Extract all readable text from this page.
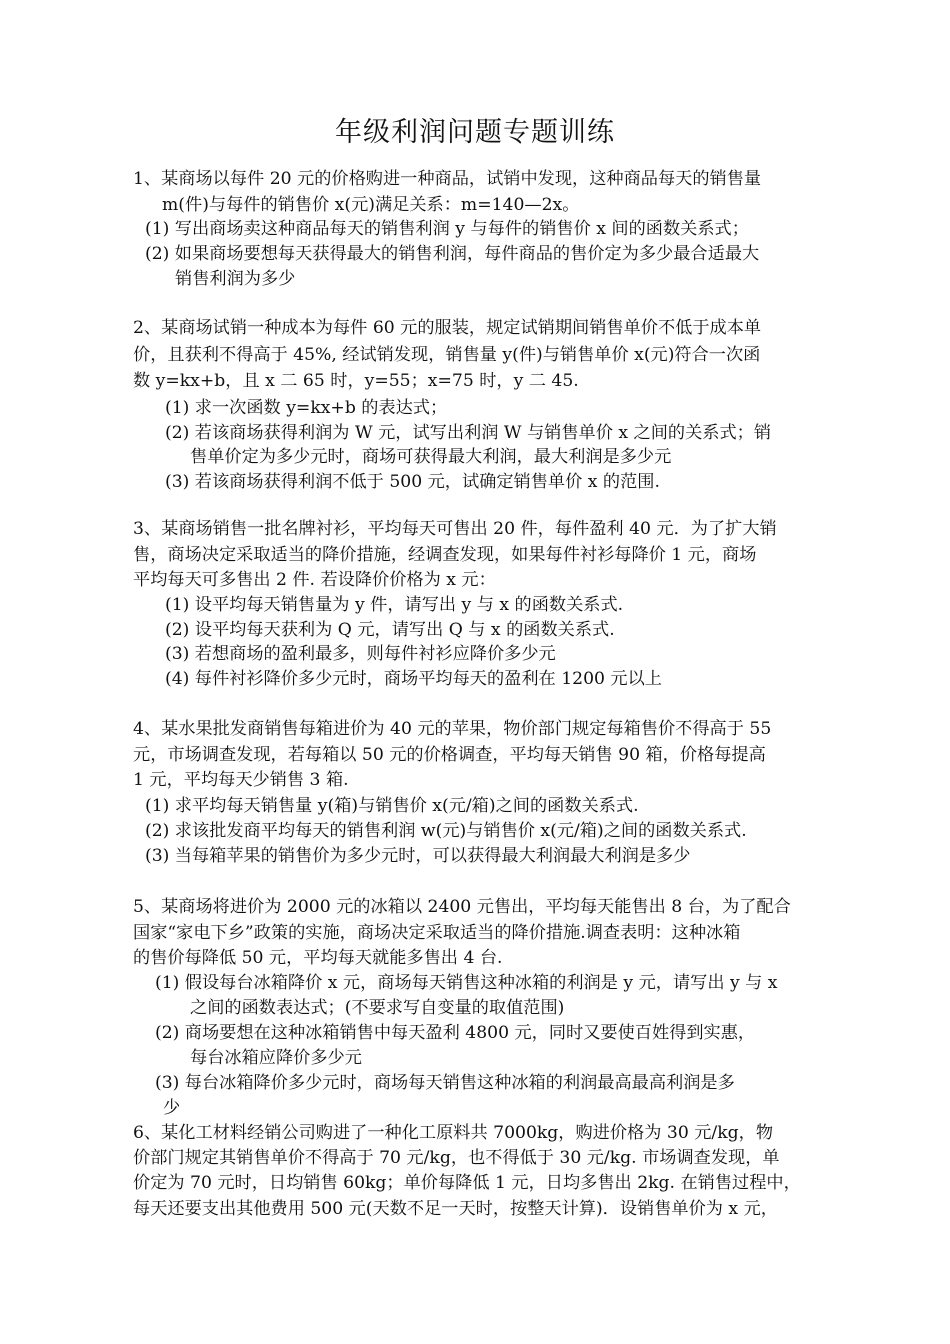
年级利润问题专题训练
1、某商场以每件 20 元的价格购进一种商品，试销中发现，这种商品每天的销售量
m(件)与每件的销售价 x(元)满足关系：m=140—2x。
(1) 写出商场卖这种商品每天的销售利润 y 与每件的销售价 x 间的函数关系式；
(2) 如果商场要想每天获得最大的销售利润，每件商品的售价定为多少最合适最大
销售利润为多少
2、某商场试销一种成本为每件 60 元的服装，规定试销期间销售单价不低于成本单
价，且获利不得高于 45%, 经试销发现，销售量 y(件)与销售单价 x(元)符合一次函
数 y=kx+b，且 x 二 65 时，y=55；x=75 时，y 二 45.
(1) 求一次函数 y=kx+b 的表达式；
(2) 若该商场获得利润为 W 元，试写出利润 W 与销售单价 x 之间的关系式；销
售单价定为多少元时，商场可获得最大利润，最大利润是多少元
(3) 若该商场获得利润不低于 500 元，试确定销售单价 x 的范围.
3、某商场销售一批名牌衬衫，平均每天可售出 20 件，每件盈利 40 元．为了扩大销
售，商场决定采取适当的降价措施，经调查发现，如果每件衬衫每降价 1 元，商场
平均每天可多售出 2 件. 若设降价价格为 x 元：
(1) 设平均每天销售量为 y 件，请写出 y 与 x 的函数关系式.
(2) 设平均每天获利为 Q 元，请写出 Q 与 x 的函数关系式.
(3) 若想商场的盈利最多，则每件衬衫应降价多少元
(4) 每件衬衫降价多少元时，商场平均每天的盈利在 1200 元以上
4、某水果批发商销售每箱进价为 40 元的苹果，物价部门规定每箱售价不得高于 55
元，市场调查发现，若每箱以 50 元的价格调查，平均每天销售 90 箱，价格每提高
1 元，平均每天少销售 3 箱.
(1) 求平均每天销售量 y(箱)与销售价 x(元/箱)之间的函数关系式.
(2) 求该批发商平均每天的销售利润 w(元)与销售价 x(元/箱)之间的函数关系式.
(3) 当每箱苹果的销售价为多少元时，可以获得最大利润最大利润是多少
5、某商场将进价为 2000 元的冰箱以 2400 元售出，平均每天能售出 8 台，为了配合
国家“家电下乡”政策的实施，商场决定采取适当的降价措施.调查表明：这种冰箱
的售价每降低 50 元，平均每天就能多售出 4 台.
(1) 假设每台冰箱降价 x 元，商场每天销售这种冰箱的利润是 y 元，请写出 y 与 x
之间的函数表达式；(不要求写自变量的取值范围)
(2) 商场要想在这种冰箱销售中每天盈利 4800 元，同时又要使百姓得到实惠，
每台冰箱应降价多少元
(3) 每台冰箱降价多少元时，商场每天销售这种冰箱的利润最高最高利润是多
少
6、某化工材料经销公司购进了一种化工原料共 7000kg，购进价格为 30 元/kg，物
价部门规定其销售单价不得高于 70 元/kg，也不得低于 30 元/kg. 市场调查发现，单
价定为 70 元时，日均销售 60kg；单价每降低 1 元，日均多售出 2kg. 在销售过程中，
每天还要支出其他费用 500 元(天数不足一天时，按整天计算)．设销售单价为 x 元，
